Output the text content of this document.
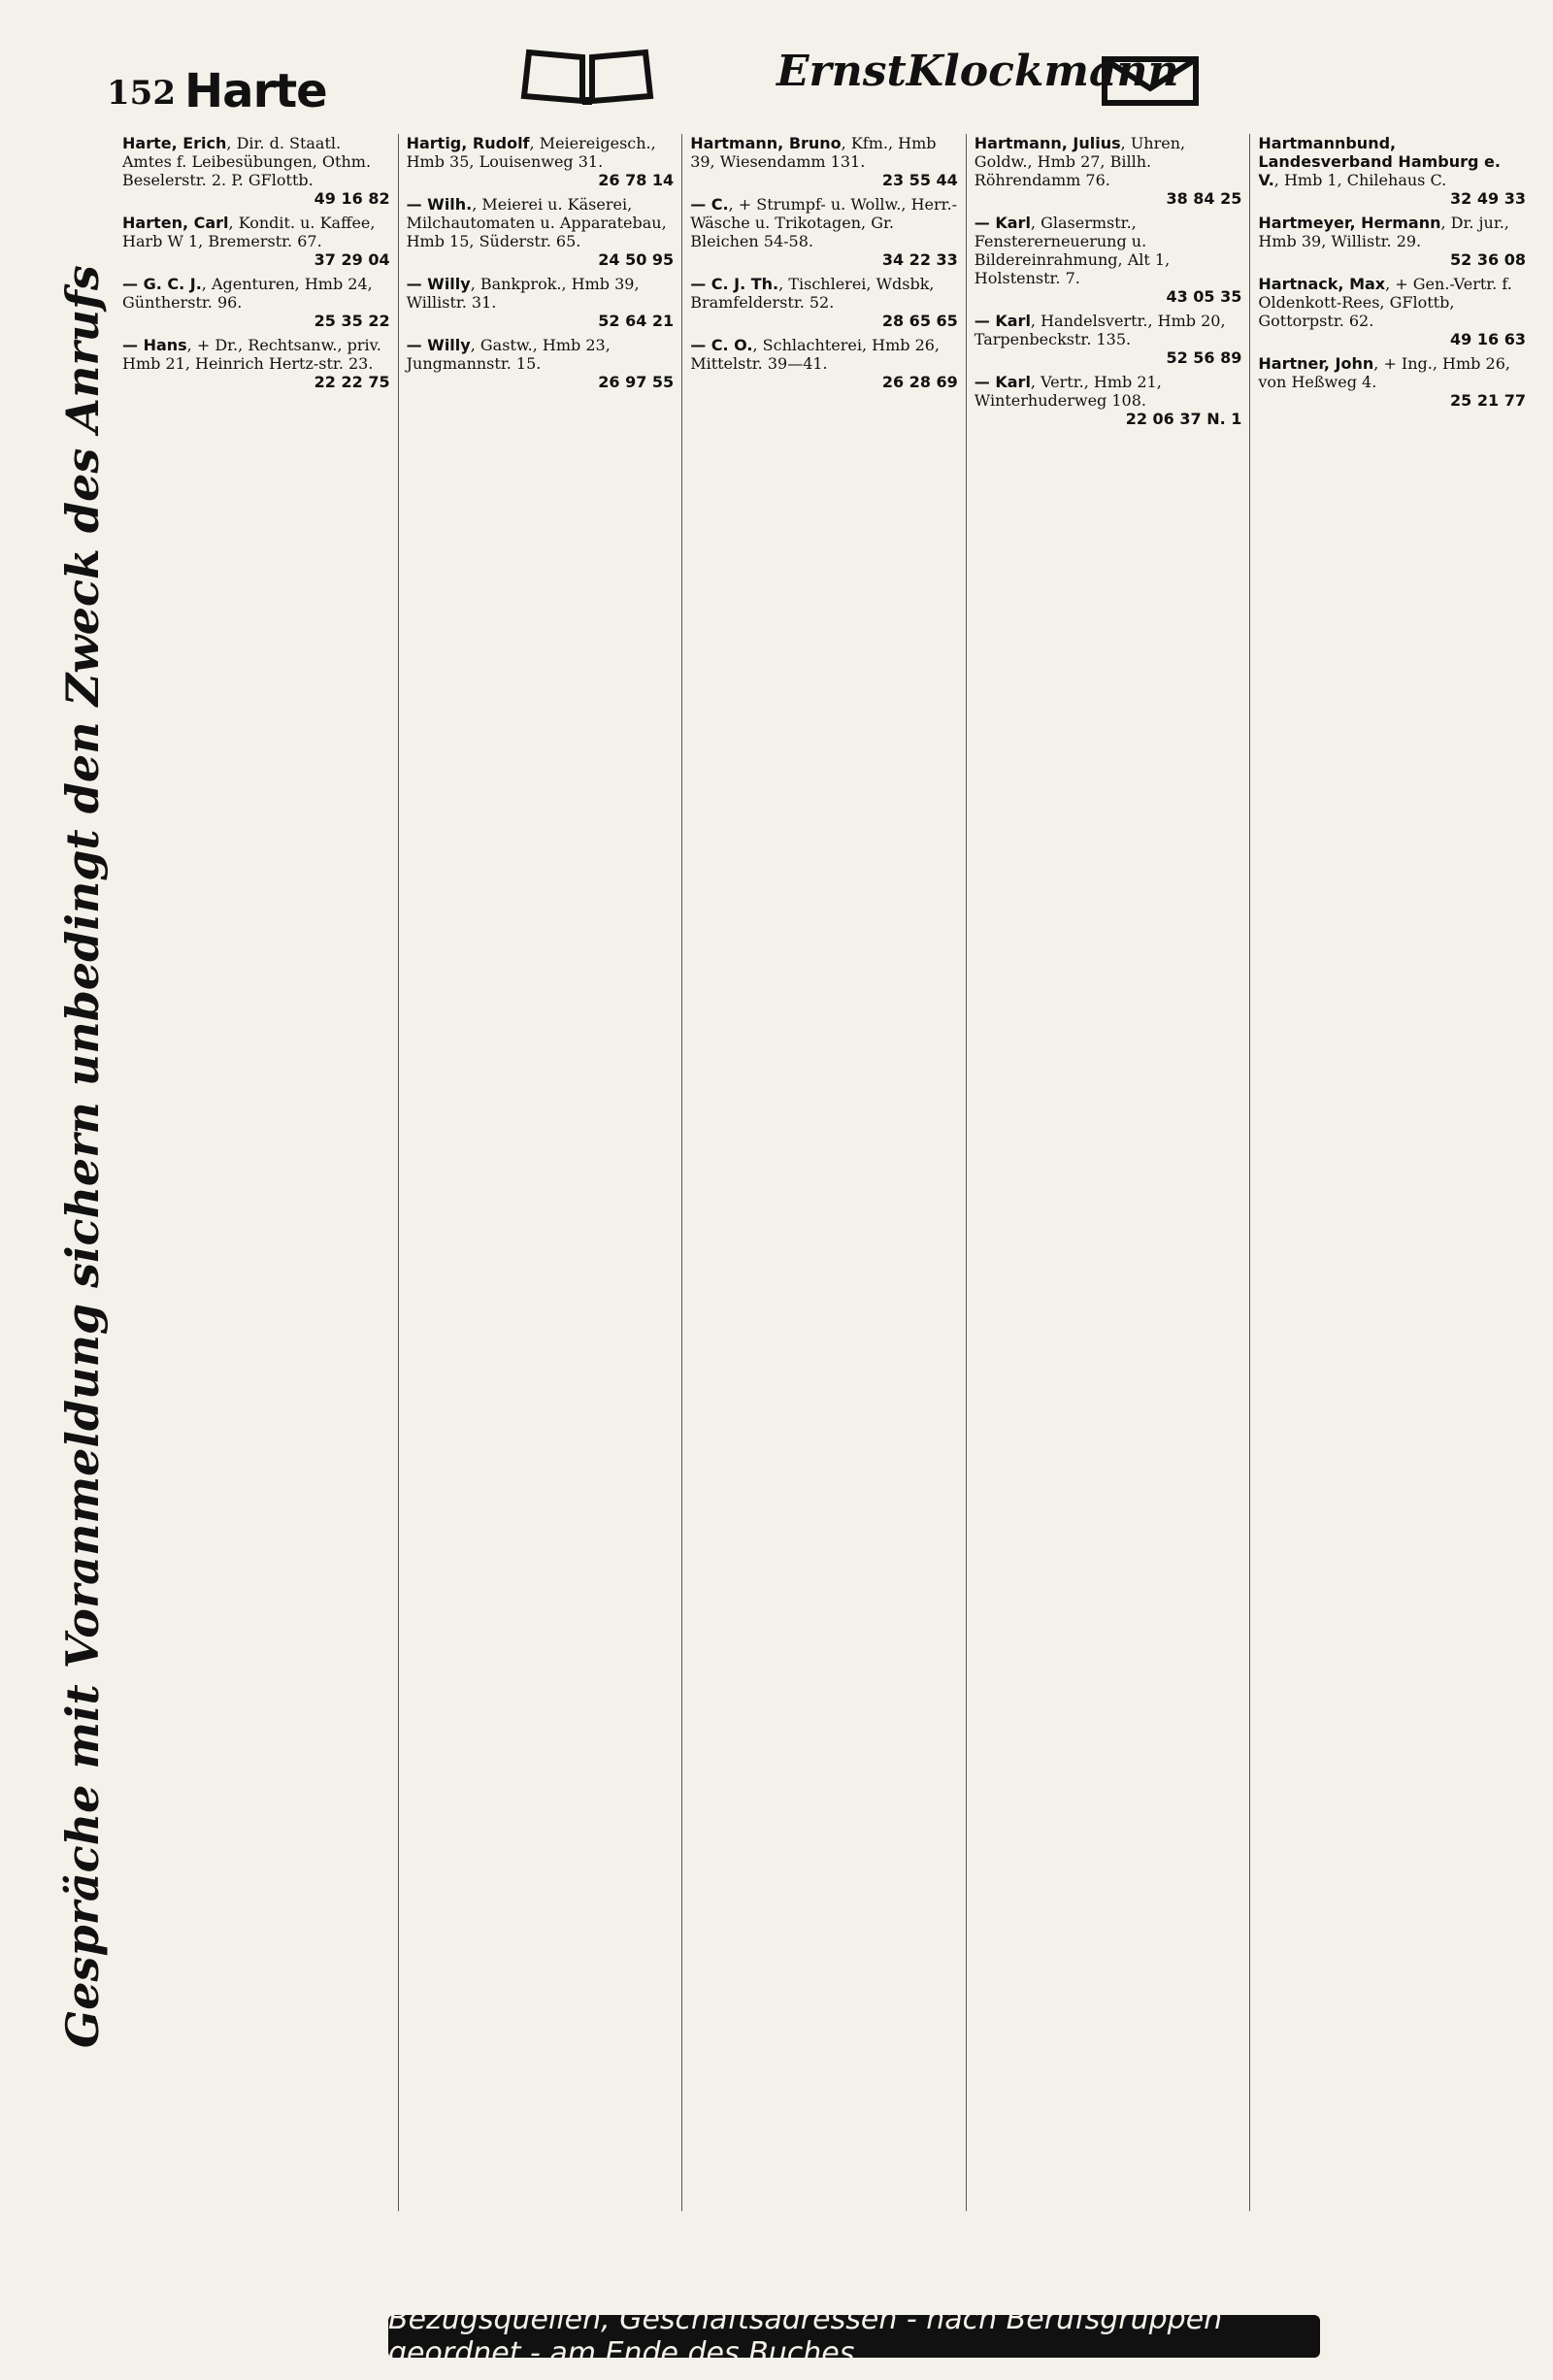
152 Harte	ErnstKlockmann
Gespräche mit Voranmeldung sichern unbedingt den Zweck des Anrufs
Harte, Erich, Dir. d. Staatl. Amtes f. Leibesübungen, Othm. Beselerstr. 2. P. GFlottb.
49 16 82
Harten, Carl, Kondit. u. Kaffee, Harb W 1, Bremerstr. 67.
37 29 04
— G. C. J., Agenturen, Hmb 24, Güntherstr. 96.
25 35 22
— Hans, + Dr., Rechtsanw., priv. Hmb 21, Heinrich Hertz-str. 23.
22 22 75
Hartig, Rudolf, Meiereigesch., Hmb 35, Louisenweg 31.
26 78 14
— Wilh., Meierei u. Käserei, Milchautomaten u. Apparatebau, Hmb 15, Süderstr. 65.
24 50 95
— Willy, Bankprok., Hmb 39, Willistr. 31.
52 64 21
— Willy, Gastw., Hmb 23, Jungmannstr. 15.
26 97 55
Hartmann, Bruno, Kfm., Hmb 39, Wiesendamm 131.
23 55 44
— C., + Strumpf- u. Wollw., Herr.-Wäsche u. Trikotagen, Gr. Bleichen 54-58.
34 22 33
— C. J. Th., Tischlerei, Wdsbk, Bramfelderstr. 52.
28 65 65
— C. O., Schlachterei, Hmb 26, Mittelstr. 39—41.
26 28 69
Hartmann, Julius, Uhren, Goldw., Hmb 27, Billh. Röhrendamm 76.
38 84 25
— Karl, Glasermstr., Fenstererneuerung u. Bildereinrahmung, Alt 1, Holstenstr. 7.
43 05 35
— Karl, Handelsvertr., Hmb 20, Tarpenbeckstr. 135.
52 56 89
— Karl, Vertr., Hmb 21, Winterhuderweg 108.
22 06 37 N. 1
Hartmannbund, Landesverband Hamburg e. V., Hmb 1, Chilehaus C.
32 49 33
Hartmeyer, Hermann, Dr. jur., Hmb 39, Willistr. 29.
52 36 08
Hartnack, Max, + Gen.-Vertr. f. Oldenkott-Rees, GFlottb, Gottorpstr. 62.
49 16 63
Hartner, John, + Ing., Hmb 26, von Heßweg 4.
25 21 77
Bezugsquellen, Geschäftsadressen - nach Berufsgruppen geordnet - am Ende des Buches
